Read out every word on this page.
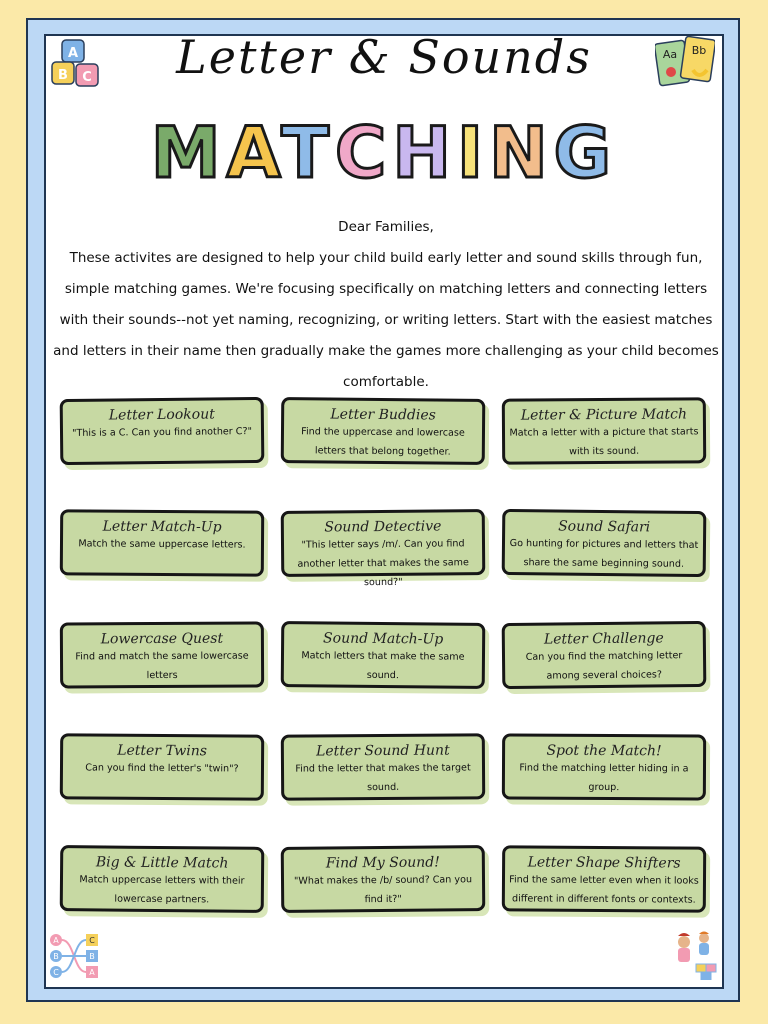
A
B C
Aa Bb
A
B
C
C
B
A
Letter & Sounds
MATCHING
Dear Families,
These activites are designed to help your child build early letter and sound skills through fun, simple matching games. We're focusing specifically on matching letters and connecting letters with their sounds--not yet naming, recognizing, or writing letters. Start with the easiest matches and letters in their name then gradually make the games more challenging as your child becomes comfortable.
Letter Lookout
"This is a C. Can you find another C?"
Letter Buddies
Find the uppercase and lowercase letters that belong together.
Letter & Picture Match
Match a letter with a picture that starts with its sound.
Letter Match-Up
Match the same uppercase letters.
Sound Detective
"This letter says /m/. Can you find another letter that makes the same sound?"
Sound Safari
Go hunting for pictures and letters that share the same beginning sound.
Lowercase Quest
Find and match the same lowercase letters
Sound Match-Up
Match letters that make the same sound.
Letter Challenge
Can you find the matching letter among several choices?
Letter Twins
Can you find the letter's "twin"?
Letter Sound Hunt
Find the letter that makes the target sound.
Spot the Match!
Find the matching letter hiding in a group.
Big & Little Match
Match uppercase letters with their lowercase partners.
Find My Sound!
"What makes the /b/ sound? Can you find it?"
Letter Shape Shifters
Find the same letter even when it looks different in different fonts or contexts.
